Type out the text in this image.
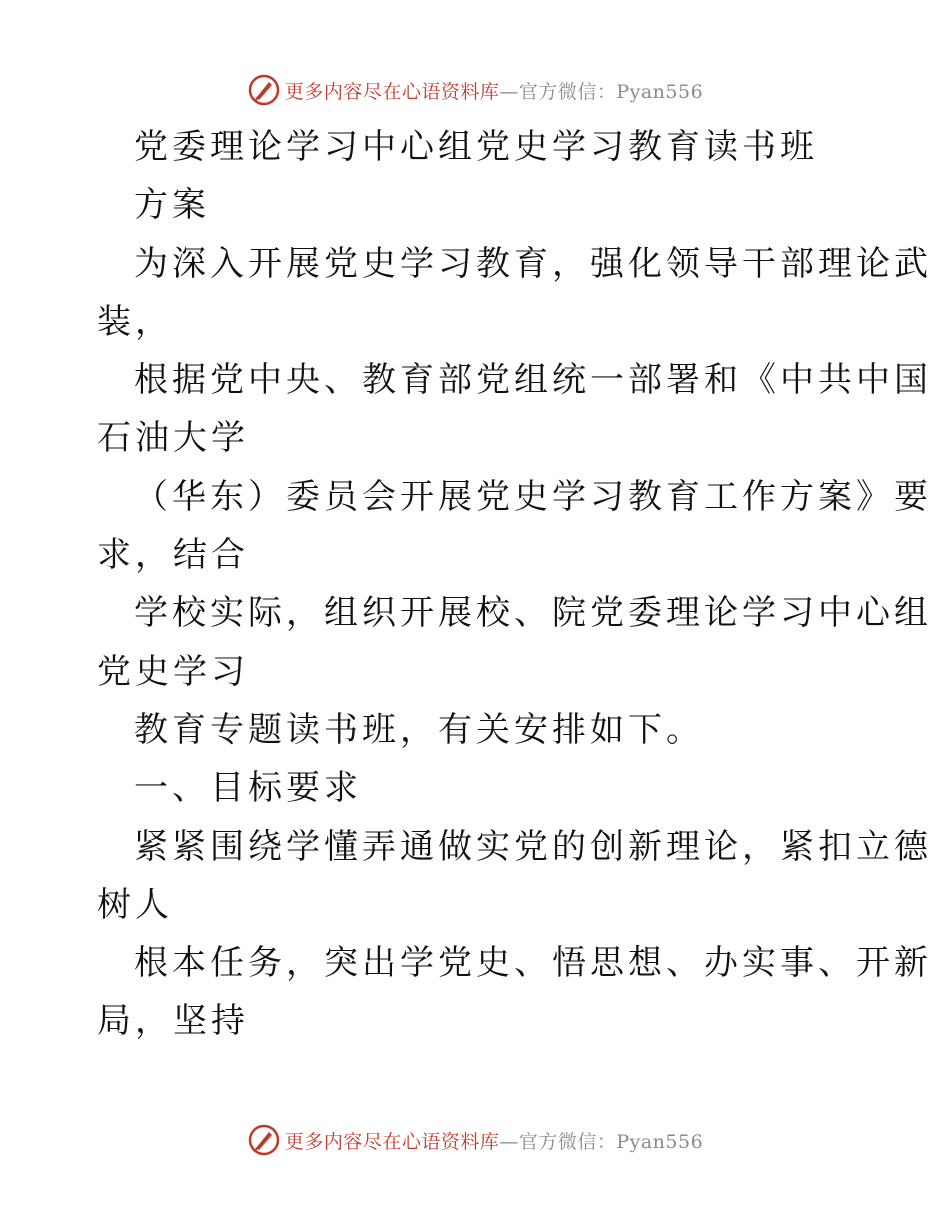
更多内容尽在心语资料库—官方微信：Pyan556
党委理论学习中心组党史学习教育读书班
方案
为深入开展党史学习教育，强化领导干部理论武
装，
根据党中央、教育部党组统一部署和《中共中国
石油大学
（华东）委员会开展党史学习教育工作方案》要
求，结合
学校实际，组织开展校、院党委理论学习中心组
党史学习
教育专题读书班，有关安排如下。
一、目标要求
紧紧围绕学懂弄通做实党的创新理论，紧扣立德
树人
根本任务，突出学党史、悟思想、办实事、开新
局，坚持
更多内容尽在心语资料库—官方微信：Pyan556
